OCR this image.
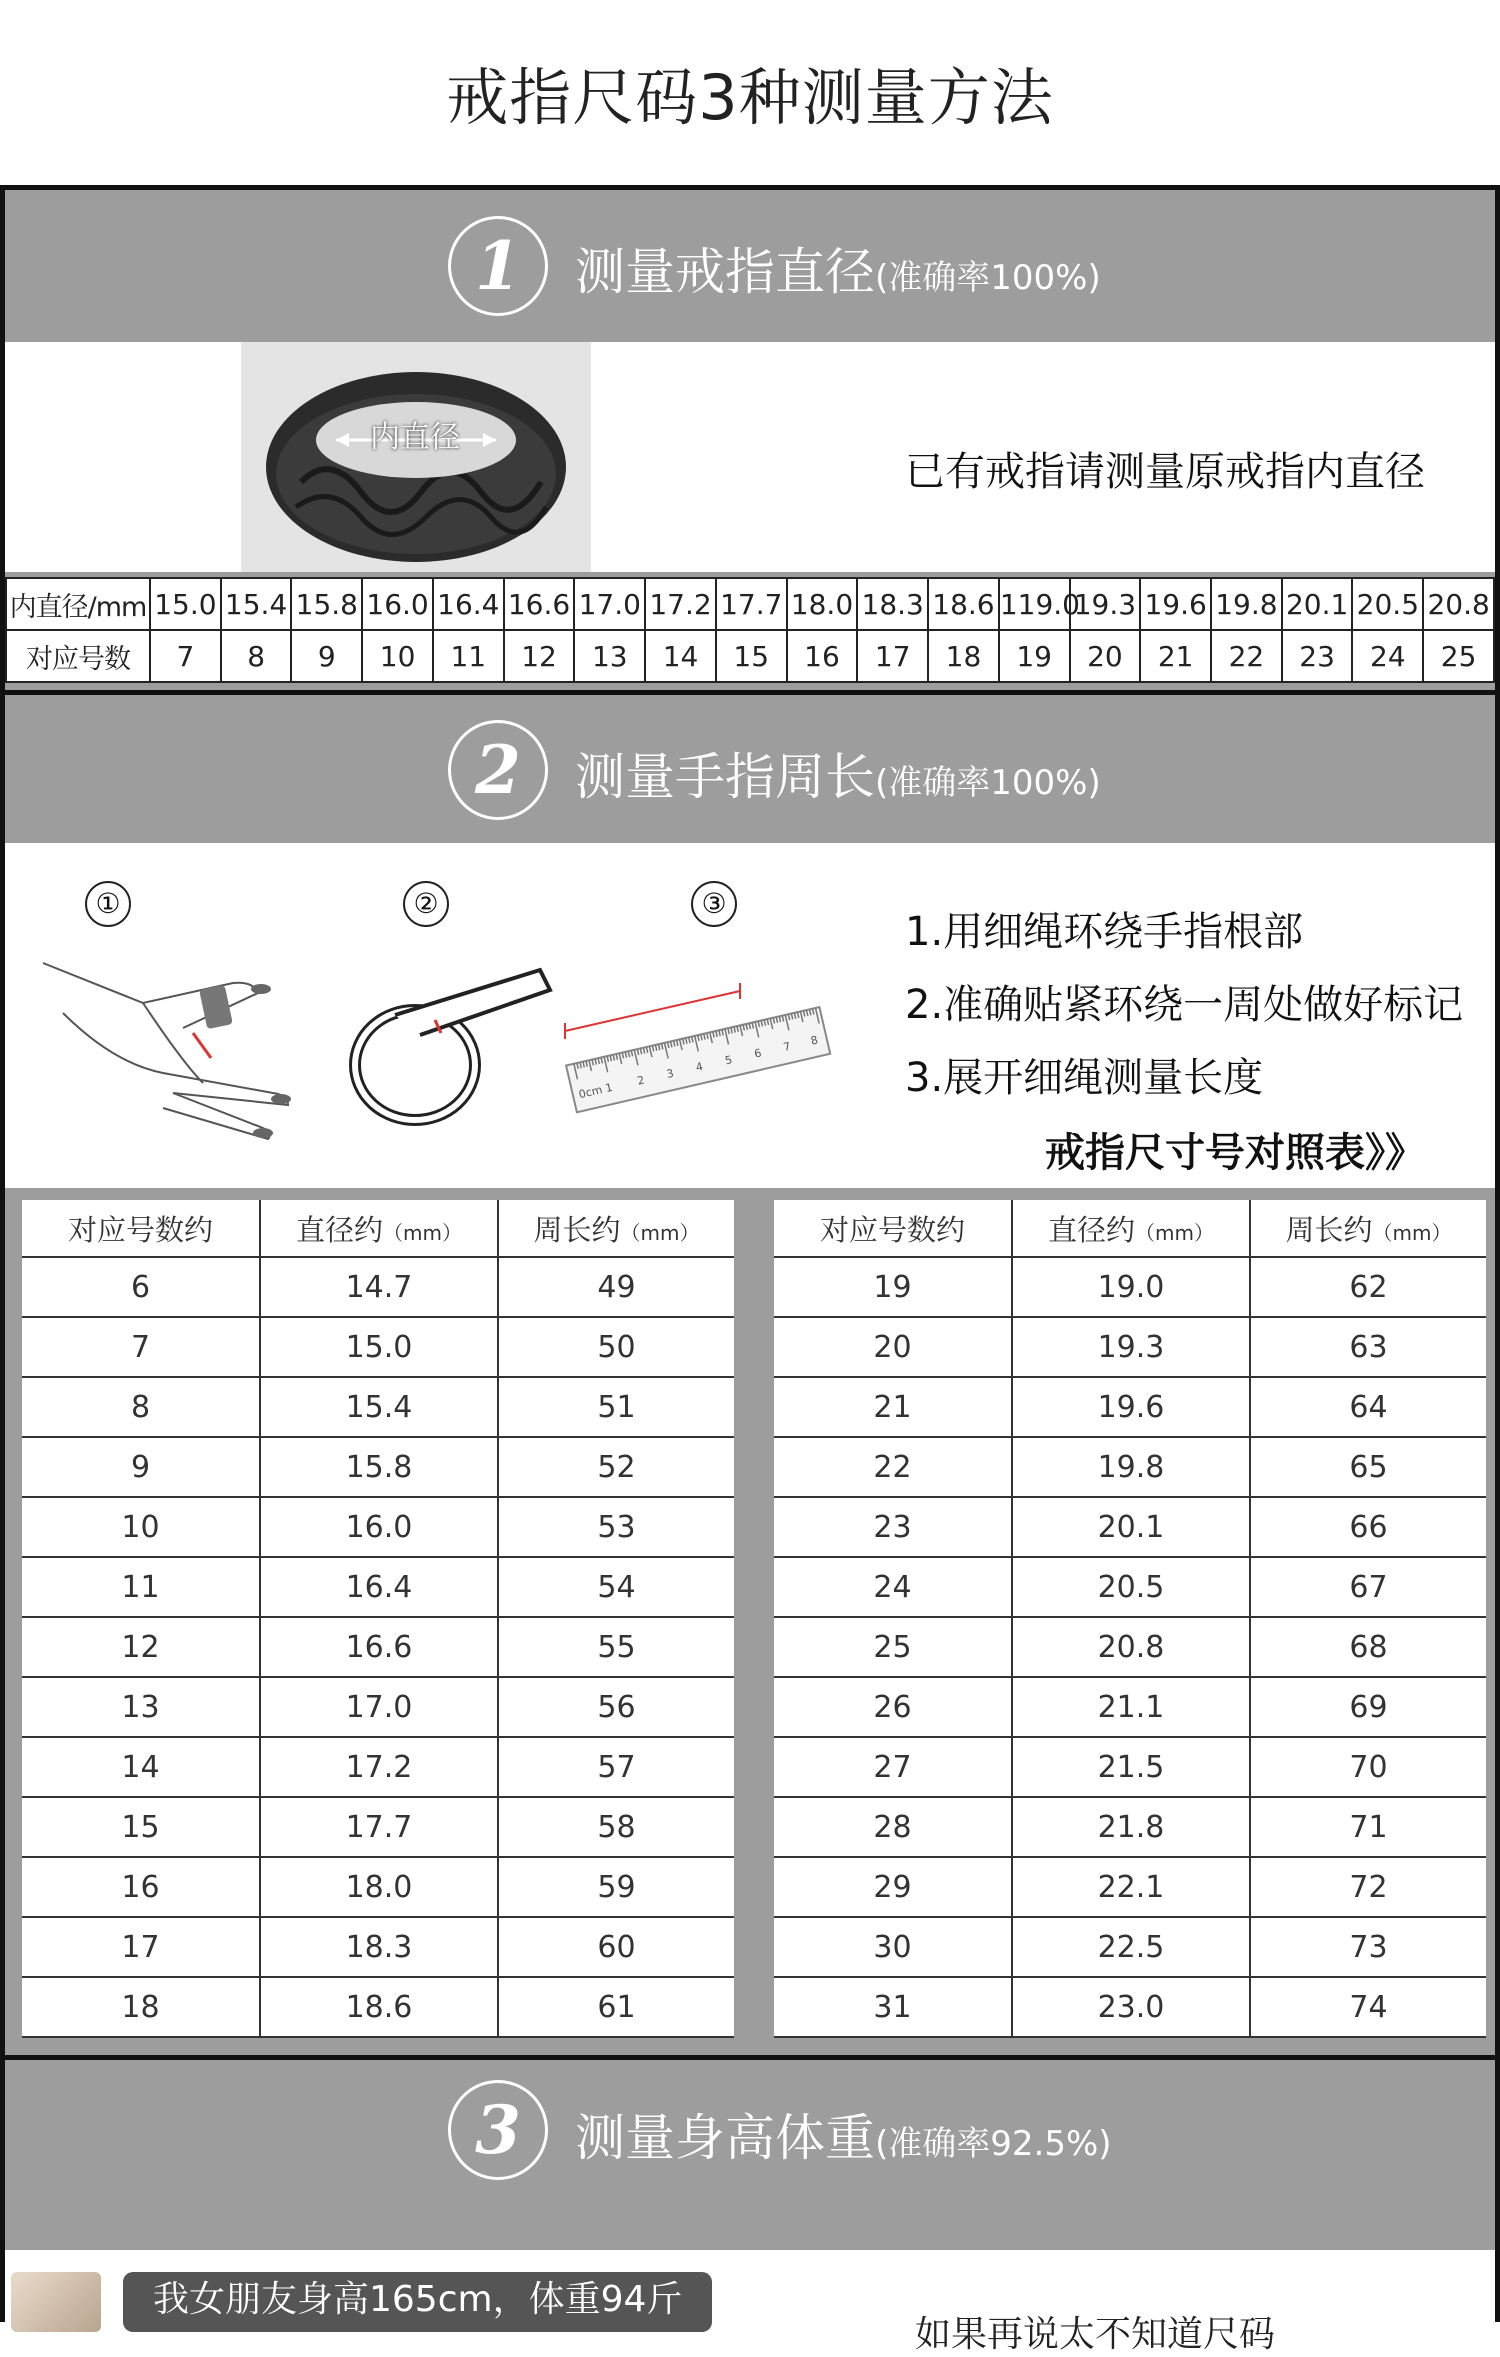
戒指尺码3种测量方法
1	测量戒指直径(准确率100%)
内直径
已有戒指请测量原戒指内直径
内直径/mm	15.0	15.4	15.8	16.0	16.4	16.6	17.0	17.2	17.7	18.0	18.3	18.6	119.0	19.3	19.6	19.8	20.1	20.5	20.8
对应号数	7	8	9	10	11	12	13	14	15	16	17	18	19	20	21	22	23	24	25
2	测量手指周长(准确率100%)
①	②	③
0cm 1
2 3 4 5 6 7 8
1.用细绳环绕手指根部
2.准确贴紧环绕一周处做好标记
3.展开细绳测量长度
戒指尺寸号对照表》》
对应号数约	直径约（mm）	周长约（mm）
6	14.7	49
7	15.0	50
8	15.4	51
9	15.8	52
10	16.0	53
11	16.4	54
12	16.6	55
13	17.0	56
14	17.2	57
15	17.7	58
16	18.0	59
17	18.3	60
18	18.6	61
对应号数约	直径约（mm）	周长约（mm）
19	19.0	62
20	19.3	63
21	19.6	64
22	19.8	65
23	20.1	66
24	20.5	67
25	20.8	68
26	21.1	69
27	21.5	70
28	21.8	71
29	22.1	72
30	22.5	73
31	23.0	74
3	测量身高体重(准确率92.5%)
我女朋友身高165cm，体重94斤
如果再说太不知道尺码
